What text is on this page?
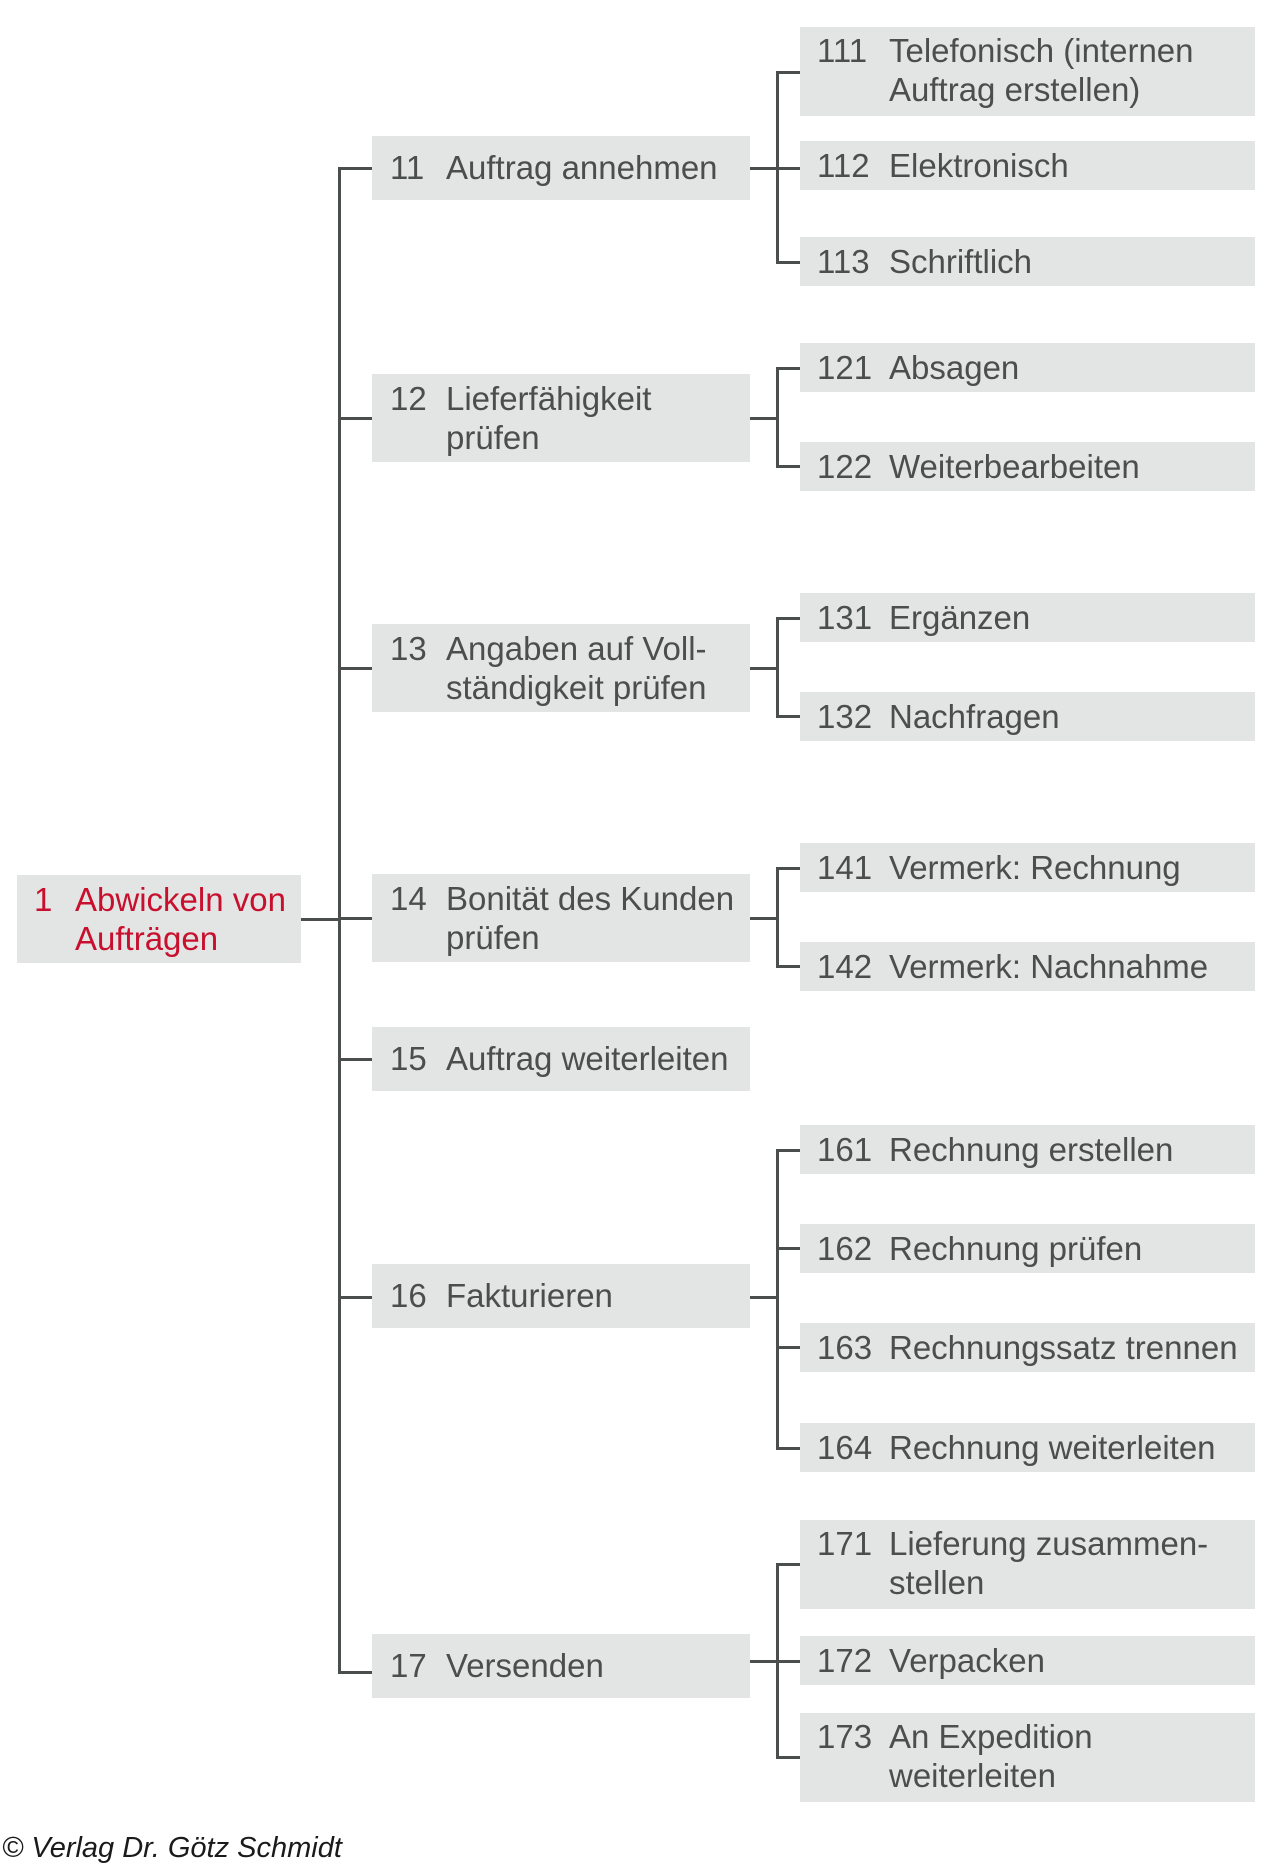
1 Abwickeln von
Aufträgen
11 Auftrag annehmen
12 Lieferfähigkeit
prüfen
13 Angaben auf Voll-
ständigkeit prüfen
14 Bonität des Kunden
prüfen
15 Auftrag weiterleiten
16 Fakturieren
17 Versenden
111 Telefonisch (internen
Auftrag erstellen)
112 Elektronisch
113 Schriftlich
121 Absagen
122 Weiterbearbeiten
131 Ergänzen
132 Nachfragen
141 Vermerk: Rechnung
142 Vermerk: Nachnahme
161 Rechnung erstellen
162 Rechnung prüfen
163 Rechnungssatz trennen
164 Rechnung weiterleiten
171 Lieferung zusammen-
stellen
172 Verpacken
173 An Expedition
weiterleiten
© Verlag Dr. Götz Schmidt
